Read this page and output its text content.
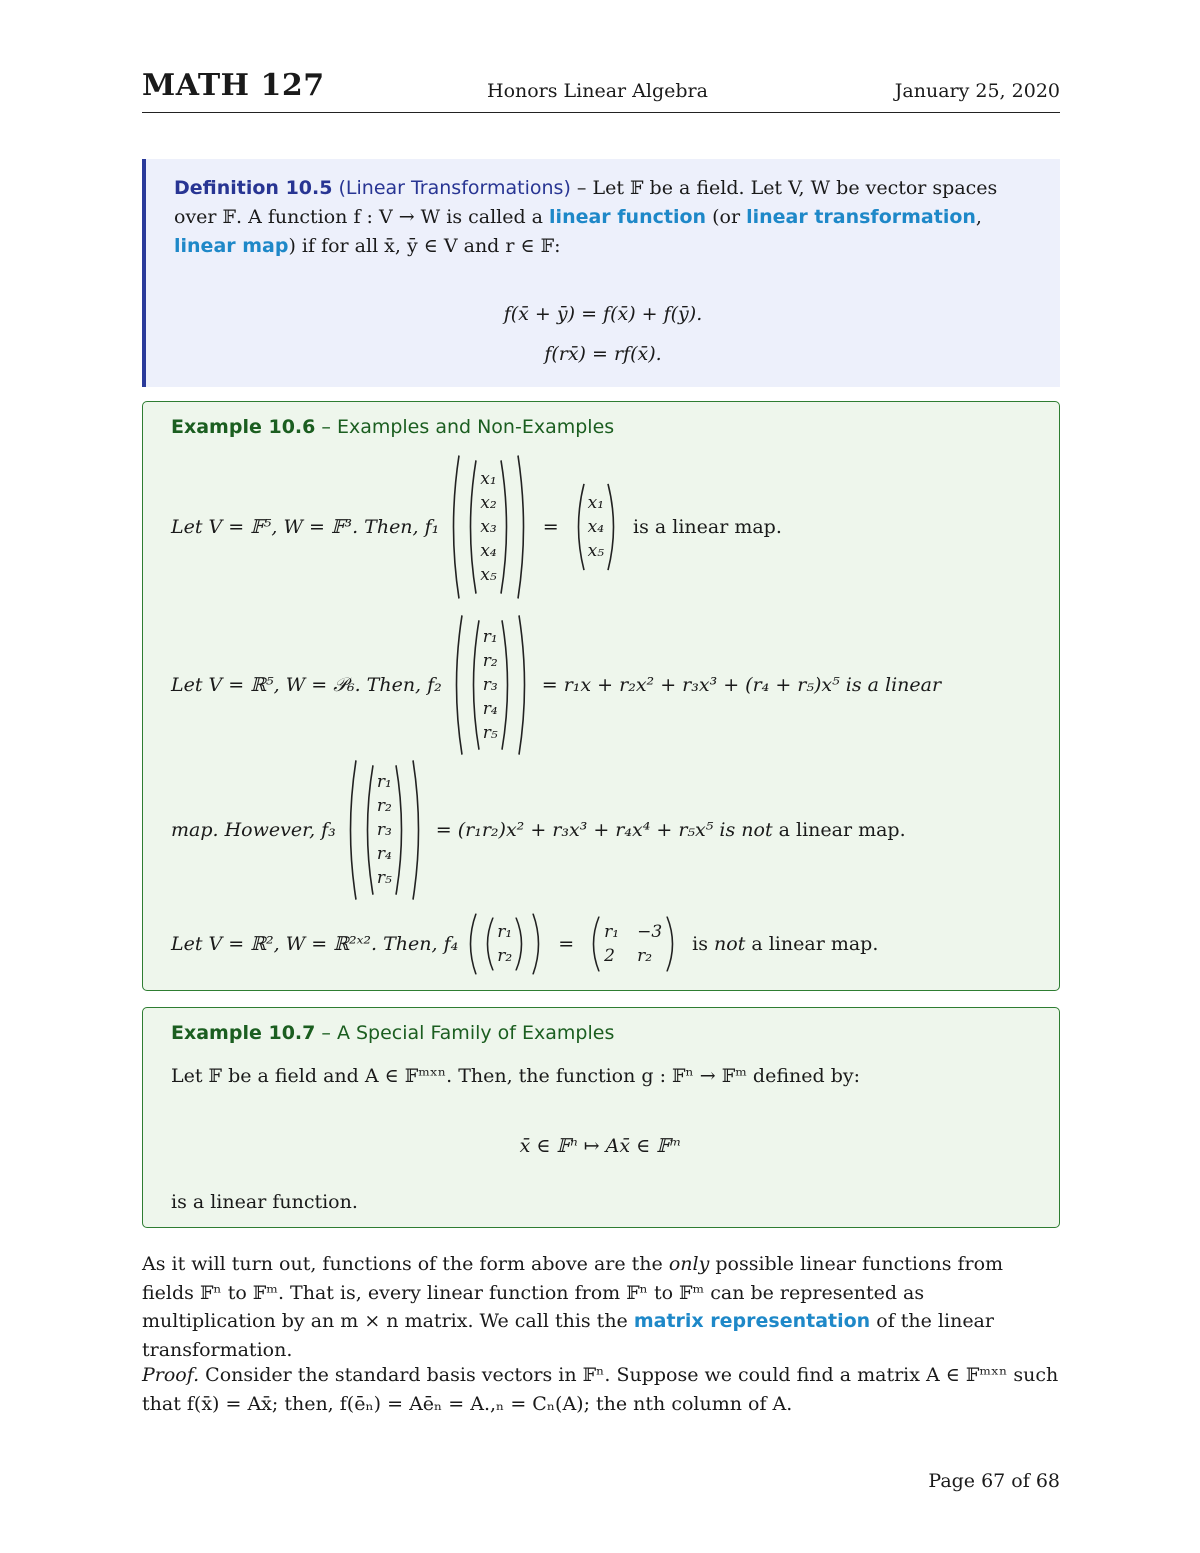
MATH 127	Honors Linear Algebra	January 25, 2020
Definition 10.5 (Linear Transformations) – Let 𝔽 be a field. Let V, W be vector spaces over 𝔽. A function f : V → W is called a linear function (or linear transformation, linear map) if for all x̄, ȳ ∈ V and r ∈ 𝔽:
f(x̄ + ȳ) = f(x̄) + f(ȳ).
f(rx̄) = rf(x̄).
Example 10.6 – Examples and Non-Examples
Let V = 𝔽⁵, W = 𝔽³. Then, f₁
x₁
x₂
x₃
x₄
x₅
=
x₁
x₄
x₅
is a linear map.
Let V = ℝ⁵, W = 𝒫₆. Then, f₂
r₁
r₂
r₃
r₄
r₅
= r₁x + r₂x² + r₃x³ + (r₄ + r₅)x⁵ is a linear
map. However, f₃
r₁
r₂
r₃
r₄
r₅
= (r₁r₂)x² + r₃x³ + r₄x⁴ + r₅x⁵ is not a linear map.
Let V = ℝ², W = ℝ²ˣ². Then, f₄
r₁
r₂
=
r₁ −3
2 r₂
is not a linear map.
Example 10.7 – A Special Family of Examples
Let 𝔽 be a field and A ∈ 𝔽ᵐˣⁿ. Then, the function g : 𝔽ⁿ → 𝔽ᵐ defined by:
x̄ ∈ 𝔽ⁿ ↦ Ax̄ ∈ 𝔽ᵐ
is a linear function.
As it will turn out, functions of the form above are the only possible linear functions from fields 𝔽ⁿ to 𝔽ᵐ. That is, every linear function from 𝔽ⁿ to 𝔽ᵐ can be represented as multiplication by an m × n matrix. We call this the matrix representation of the linear transformation.
Proof. Consider the standard basis vectors in 𝔽ⁿ. Suppose we could find a matrix A ∈ 𝔽ᵐˣⁿ such that f(x̄) = Ax̄; then, f(ēₙ) = Aēₙ = A.,ₙ = Cₙ(A); the nth column of A.
Page 67 of 68
